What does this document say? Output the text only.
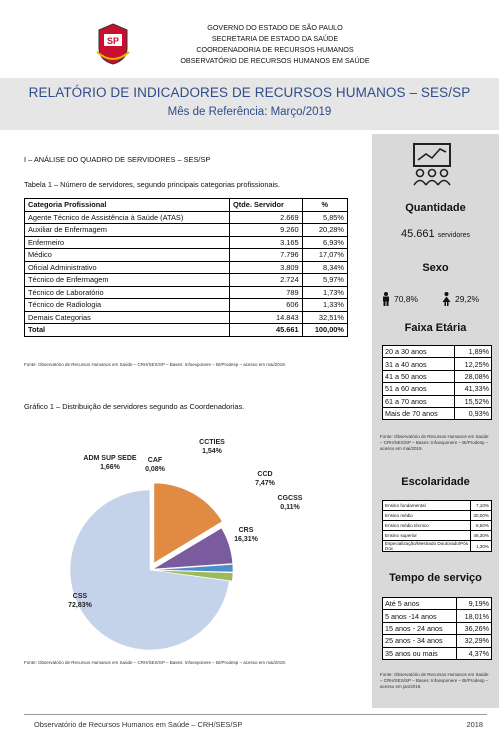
SP
GOVERNO DO ESTADO DE SÃO PAULO
SECRETARIA DE ESTADO DA SAÚDE
COORDENADORIA DE RECURSOS HUMANOS
OBSERVATÓRIO DE RECURSOS HUMANOS EM SAÚDE
RELATÓRIO DE INDICADORES DE RECURSOS HUMANOS – SES/SP
Mês de Referência: Março/2019
I – ANÁLISE DO QUADRO DE SERVIDORES – SES/SP
Tabela 1 – Número de servidores, segundo principais categorias profissionais.
Categoria Profissional	Qtde. Servidor	%
Agente Técnico de Assistência à Saúde (ATAS)	2.669	5,85%
Auxiliar de Enfermagem	9.260	20,28%
Enfermeiro	3.165	6,93%
Médico	7.796	17,07%
Oficial Administrativo	3.809	8,34%
Técnico de Enfermagem	2.724	5,97%
Técnico de Laboratório	789	1,73%
Técnico de Radiologia	606	1,33%
Demais Categorias	14.843	32,51%
Total	45.661	100,00%
Fonte: Observatório de Recursos Humanos em Saúde – CRH/SES/SP – Bases: Infoexponere – BI/Prodesp – acesso em mai/2019.
Gráfico 1 – Distribuição de servidores segundo as Coordenadorias.
CSS
72,83%
CRS
16,31%
CGCSS
0,11%
CCD
7,47%
CCTIES
1,54%
CAF
0,08%
ADM SUP SEDE
1,66%
Fonte: Observatório de Recursos Humanos em Saúde – CRH/SES/SP – Bases: Infoexponere – BI/Prodesp – acesso em mai/2019.
Observatório de Recursos Humanos em Saúde – CRH/SES/SP	2018
Quantidade
45.661 servidores
Sexo
70,8%	29,2%
Faixa Etária
20 a 30 anos	1,89%
31 a 40 anos	12,25%
41 a 50 anos	28,08%
51 a 60 anos	41,33%
61 a 70 anos	15,52%
Mais de 70 anos	0,93%
Fonte: Observatório de Recursos Humanos em Saúde – CRH/SES/SP – Bases: Infoexponere – BI/Prodesp – acesso em mai/2019.
Escolaridade
Ensino fundamental	7,10%
Ensino médio	30,00%
Ensino médio técnico	8,50%
Ensino superior	48,30%
Especialização/Mestrado Doutorado/Pós Doc	1,30%
Tempo de serviço
Até 5 anos	9,19%
5 anos -14 anos	18,01%
15 anos - 24 anos	36,26%
25 anos - 34 anos	32,29%
35 anos ou mais	4,37%
Fonte: Observatório de Recursos Humanos em Saúde – CRH/SES/SP – Bases: Infoexponere – BI/Prodesp – acesso em jan/2019.
